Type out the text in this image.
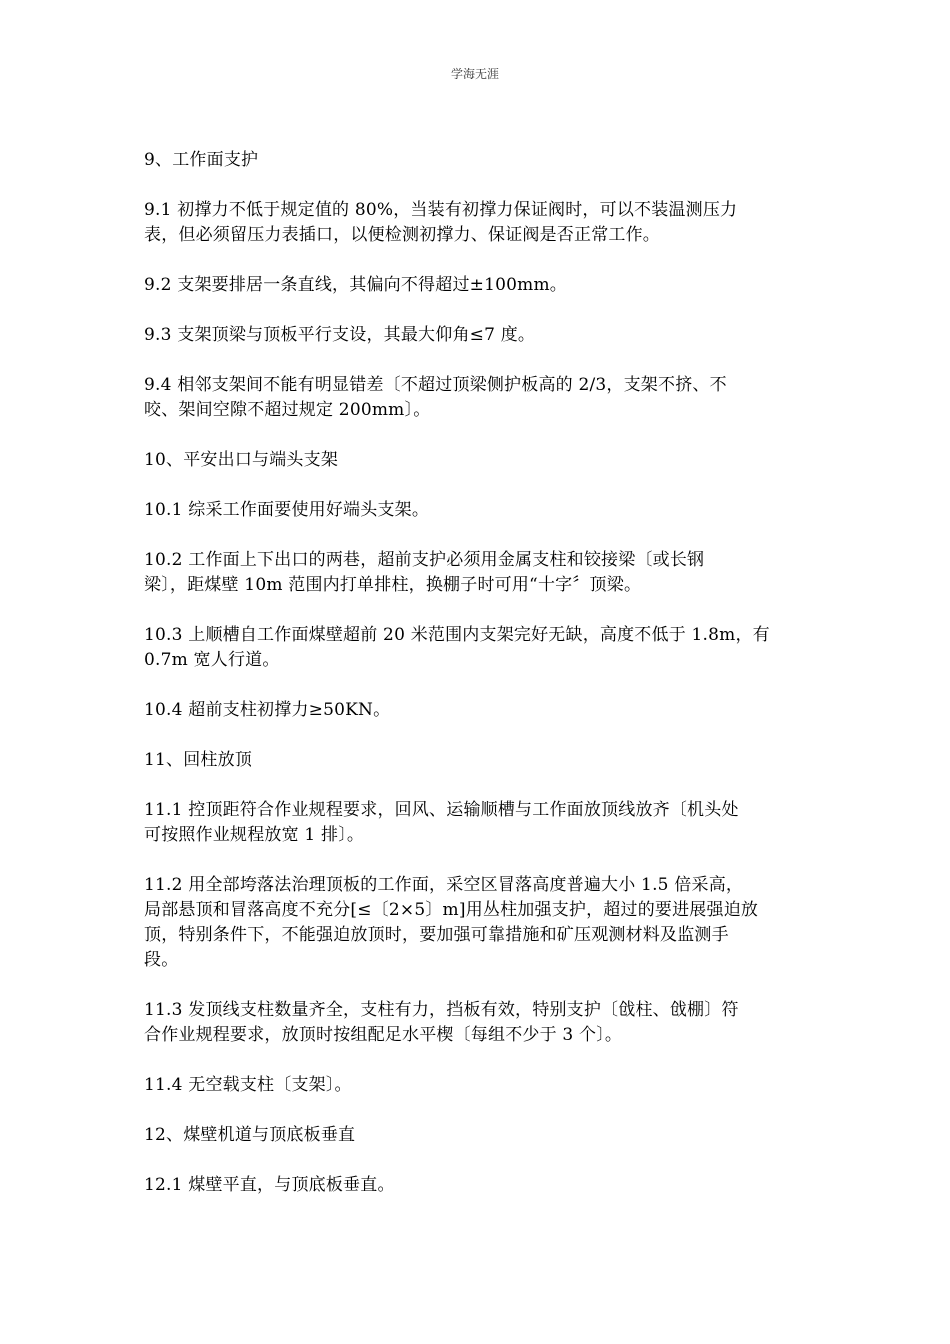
学海无涯
9、工作面支护
9.1 初撑力不低于规定值的 80%，当装有初撑力保证阀时，可以不装温测压力
表，但必须留压力表插口，以便检测初撑力、保证阀是否正常工作。
9.2 支架要排居一条直线，其偏向不得超过±100mm。
9.3 支架顶梁与顶板平行支设，其最大仰角≤7 度。
9.4 相邻支架间不能有明显错差〔不超过顶梁侧护板高的 2/3，支架不挤、不
咬、架间空隙不超过规定 200mm〕。
10、平安出口与端头支架
10.1 综采工作面要使用好端头支架。
10.2 工作面上下出口的两巷，超前支护必须用金属支柱和铰接梁〔或长钢
梁〕，距煤壁 10m 范围内打单排柱，换棚子时可用“十字〞顶梁。
10.3 上顺槽自工作面煤壁超前 20 米范围内支架完好无缺，高度不低于 1.8m，有
0.7m 宽人行道。
10.4 超前支柱初撑力≥50KN。
11、回柱放顶
11.1 控顶距符合作业规程要求，回风、运输顺槽与工作面放顶线放齐〔机头处
可按照作业规程放宽 1 排〕。
11.2 用全部垮落法治理顶板的工作面，采空区冒落高度普遍大小 1.5 倍采高，
局部悬顶和冒落高度不充分[≤〔2×5〕m]用丛柱加强支护，超过的要进展强迫放
顶，特别条件下，不能强迫放顶时，要加强可靠措施和矿压观测材料及监测手
段。
11.3 发顶线支柱数量齐全，支柱有力，挡板有效，特别支护〔戗柱、戗棚〕符
合作业规程要求，放顶时按组配足水平楔〔每组不少于 3 个〕。
11.4 无空载支柱〔支架〕。
12、煤壁机道与顶底板垂直
12.1 煤壁平直，与顶底板垂直。
